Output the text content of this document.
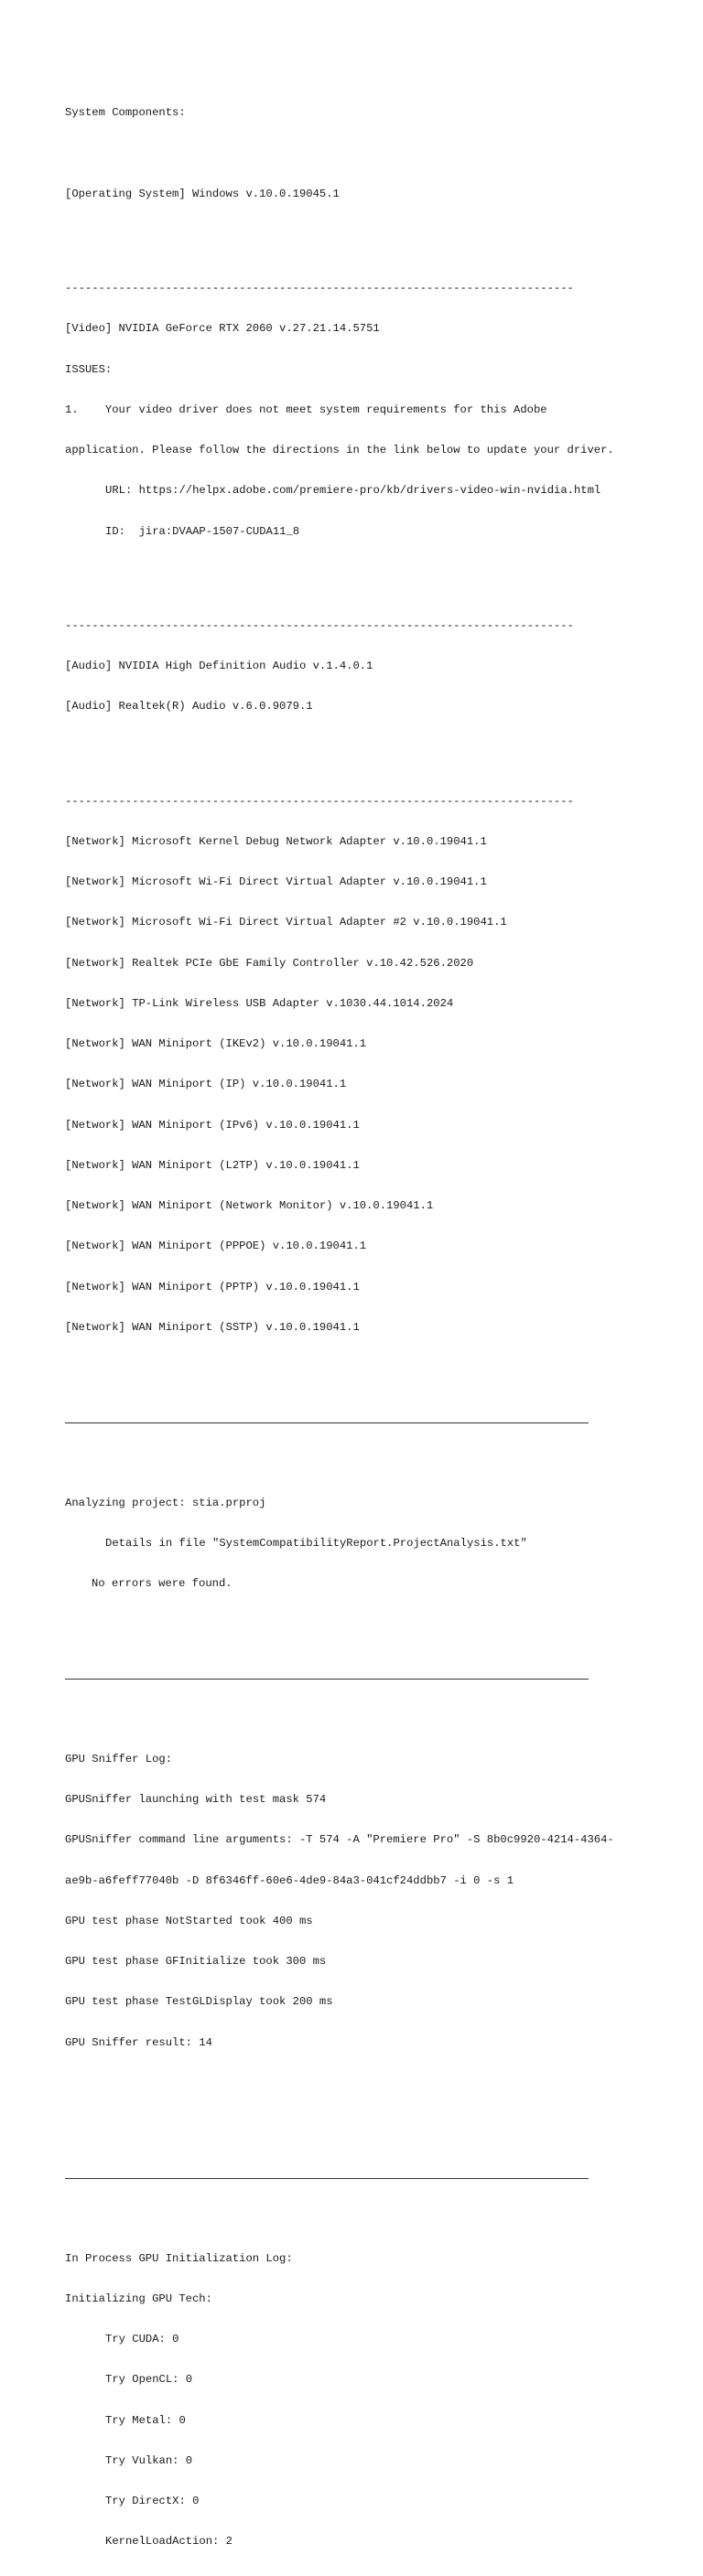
System Components:

[Operating System] Windows v.10.0.19045.1

----------------------------------------------------------------------------

[Video] NVIDIA GeForce RTX 2060 v.27.21.14.5751

ISSUES:

1.    Your video driver does not meet system requirements for this Adobe

application. Please follow the directions in the link below to update your driver.

URL: https://helpx.adobe.com/premiere-pro/kb/drivers-video-win-nvidia.html

ID:  jira:DVAAP-1507-CUDA11_8

----------------------------------------------------------------------------

[Audio] NVIDIA High Definition Audio v.1.4.0.1

[Audio] Realtek(R) Audio v.6.0.9079.1

----------------------------------------------------------------------------

[Network] Microsoft Kernel Debug Network Adapter v.10.0.19041.1

[Network] Microsoft Wi-Fi Direct Virtual Adapter v.10.0.19041.1

[Network] Microsoft Wi-Fi Direct Virtual Adapter #2 v.10.0.19041.1

[Network] Realtek PCIe GbE Family Controller v.10.42.526.2020

[Network] TP-Link Wireless USB Adapter v.1030.44.1014.2024

[Network] WAN Miniport (IKEv2) v.10.0.19041.1

[Network] WAN Miniport (IP) v.10.0.19041.1

[Network] WAN Miniport (IPv6) v.10.0.19041.1

[Network] WAN Miniport (L2TP) v.10.0.19041.1

[Network] WAN Miniport (Network Monitor) v.10.0.19041.1

[Network] WAN Miniport (PPPOE) v.10.0.19041.1

[Network] WAN Miniport (PPTP) v.10.0.19041.1

[Network] WAN Miniport (SSTP) v.10.0.19041.1

Analyzing project: stia.prproj

Details in file "SystemCompatibilityReport.ProjectAnalysis.txt"

No errors were found.

GPU Sniffer Log:

GPUSniffer launching with test mask 574

GPUSniffer command line arguments: -T 574 -A "Premiere Pro" -S 8b0c9920-4214-4364-

ae9b-a6feff77040b -D 8f6346ff-60e6-4de9-84a3-041cf24ddbb7 -i 0 -s 1

GPU test phase NotStarted took 400 ms

GPU test phase GFInitialize took 300 ms

GPU test phase TestGLDisplay took 200 ms

GPU Sniffer result: 14

In Process GPU Initialization Log:

Initializing GPU Tech:

Try CUDA: 0

Try OpenCL: 0

Try Metal: 0

Try Vulkan: 0

Try DirectX: 0

KernelLoadAction: 2
